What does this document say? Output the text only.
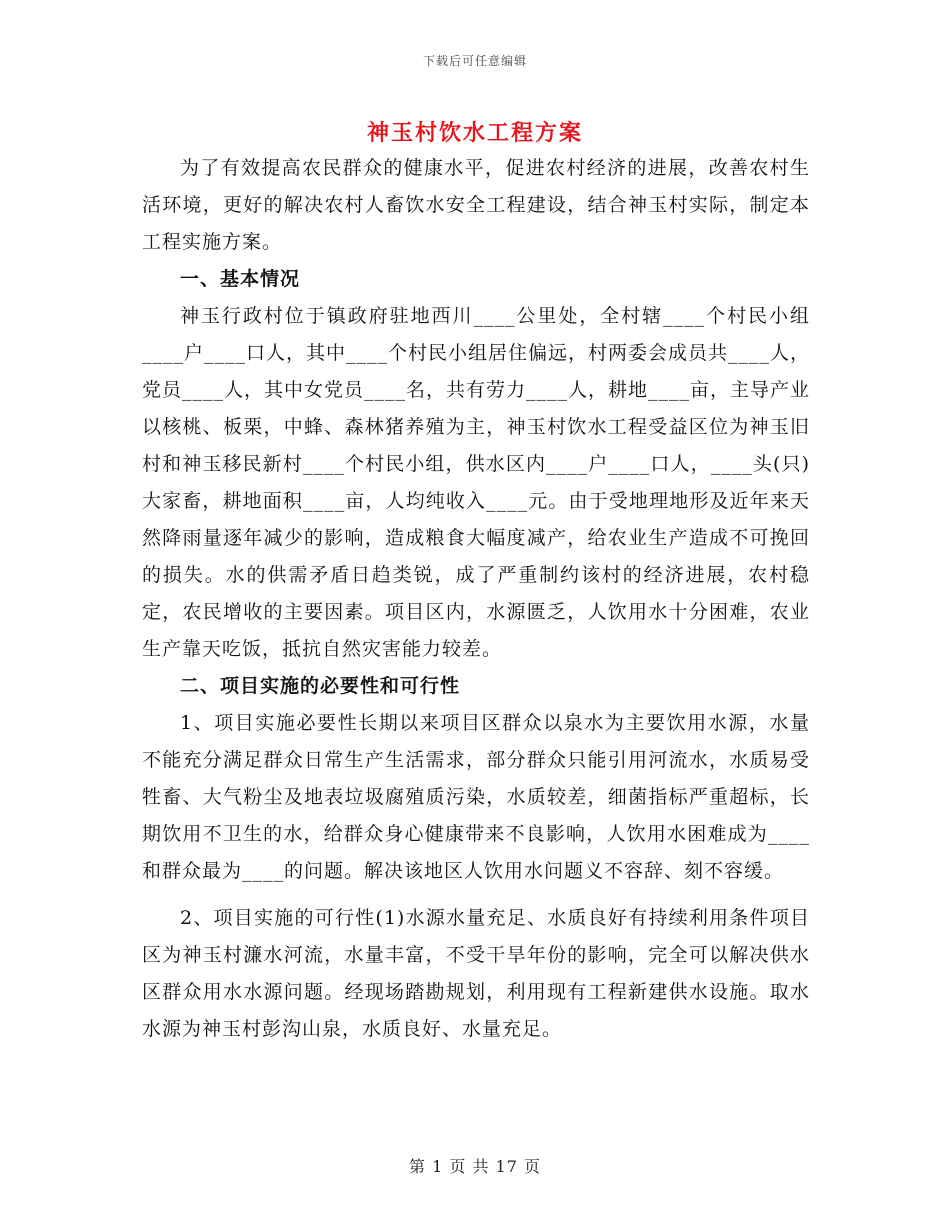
下载后可任意编辑
神玉村饮水工程方案

为了有效提高农民群众的健康水平，促进农村经济的进展，改善农村生活环境，更好的解决农村人畜饮水安全工程建设，结合神玉村实际，制定本工程实施方案。

一、基本情况

神玉行政村位于镇政府驻地西川____公里处，全村辖____个村民小组____户____口人，其中____个村民小组居住偏远，村两委会成员共____人，党员____人，其中女党员____名，共有劳力____人，耕地____亩，主导产业以核桃、板栗，中蜂、森林猪养殖为主，神玉村饮水工程受益区位为神玉旧村和神玉移民新村____个村民小组，供水区内____户____口人，____头(只)大家畜，耕地面积____亩，人均纯收入____元。由于受地理地形及近年来天然降雨量逐年减少的影响，造成粮食大幅度减产，给农业生产造成不可挽回的损失。水的供需矛盾日趋类锐，成了严重制约该村的经济进展，农村稳定，农民增收的主要因素。项目区内，水源匮乏，人饮用水十分困难，农业生产靠天吃饭，抵抗自然灾害能力较差。

二、项目实施的必要性和可行性

1、项目实施必要性长期以来项目区群众以泉水为主要饮用水源，水量不能充分满足群众日常生产生活需求，部分群众只能引用河流水，水质易受牲畜、大气粉尘及地表垃圾腐殖质污染，水质较差，细菌指标严重超标，长期饮用不卫生的水，给群众身心健康带来不良影响，人饮用水困难成为____和群众最为____的问题。解决该地区人饮用水问题义不容辞、刻不容缓。

2、项目实施的可行性(1)水源水量充足、水质良好有持续利用条件项目区为神玉村濂水河流，水量丰富，不受干旱年份的影响，完全可以解决供水区群众用水水源问题。经现场踏勘规划，利用现有工程新建供水设施。取水水源为神玉村彭沟山泉，水质良好、水量充足。

第 1 页 共 17 页
